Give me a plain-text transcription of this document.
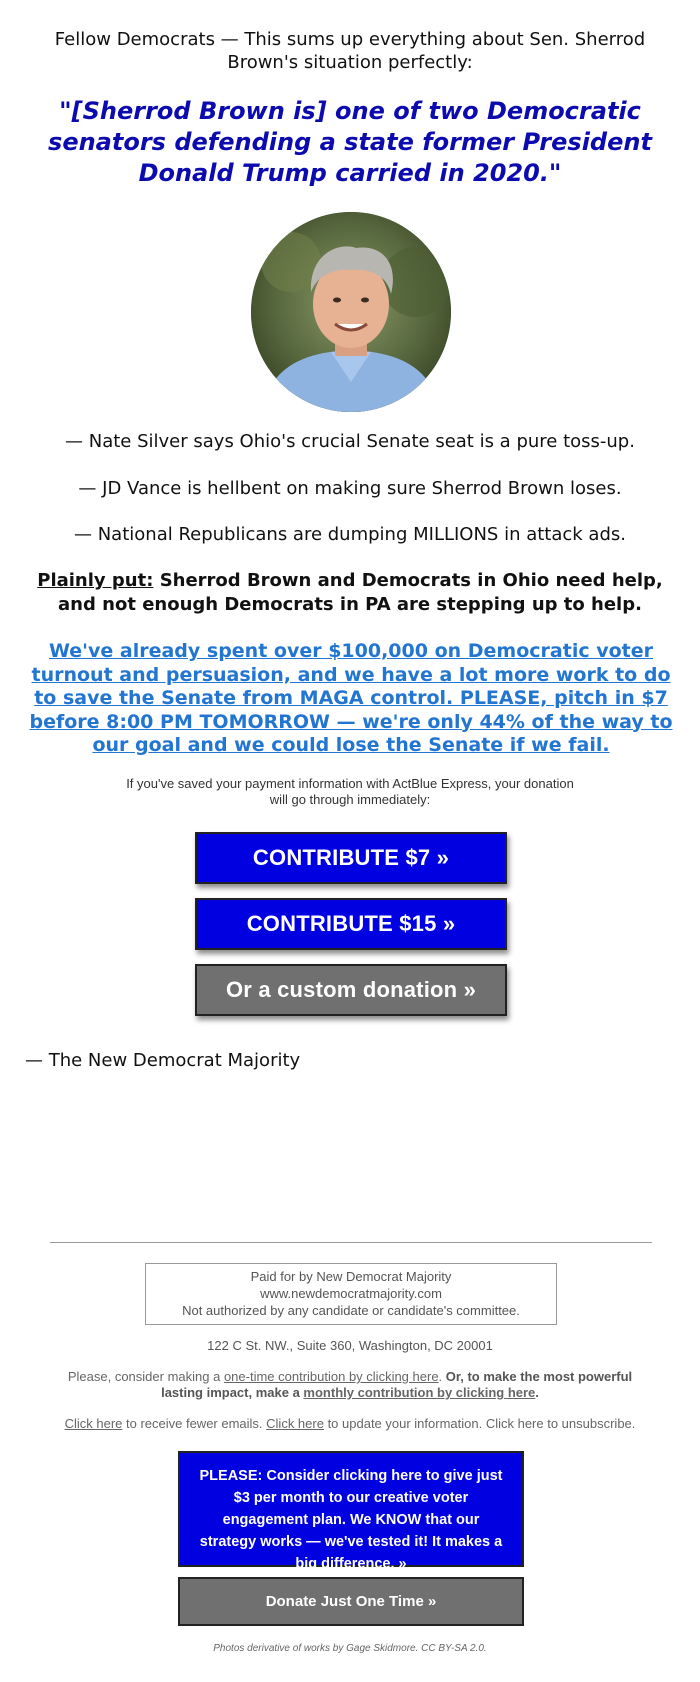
Fellow Democrats — This sums up everything about Sen. Sherrod Brown's situation perfectly:
"[Sherrod Brown is] one of two Democratic senators defending a state former President Donald Trump carried in 2020."
— Nate Silver says Ohio's crucial Senate seat is a pure toss-up.
— JD Vance is hellbent on making sure Sherrod Brown loses.
— National Republicans are dumping MILLIONS in attack ads.
Plainly put: Sherrod Brown and Democrats in Ohio need help, and not enough Democrats in PA are stepping up to help.
We've already spent over $100,000 on Democratic voter turnout and persuasion, and we have a lot more work to do to save the Senate from MAGA control. PLEASE, pitch in $7 before 8:00 PM TOMORROW — we're only 44% of the way to our goal and we could lose the Senate if we fail.
If you've saved your payment information with ActBlue Express, your donation will go through immediately:
CONTRIBUTE $7 »
CONTRIBUTE $15 »
Or a custom donation »
— The New Democrat Majority
Paid for by New Democrat Majority
www.newdemocratmajority.com
Not authorized by any candidate or candidate's committee.
122 C St. NW., Suite 360, Washington, DC 20001
Please, consider making a one-time contribution by clicking here. Or, to make the most powerful lasting impact, make a monthly contribution by clicking here.
Click here to receive fewer emails. Click here to update your information. Click here to unsubscribe.
PLEASE: Consider clicking here to give just $3 per month to our creative voter engagement plan. We KNOW that our strategy works — we've tested it! It makes a big difference. »
Donate Just One Time »
Photos derivative of works by Gage Skidmore. CC BY-SA 2.0.
